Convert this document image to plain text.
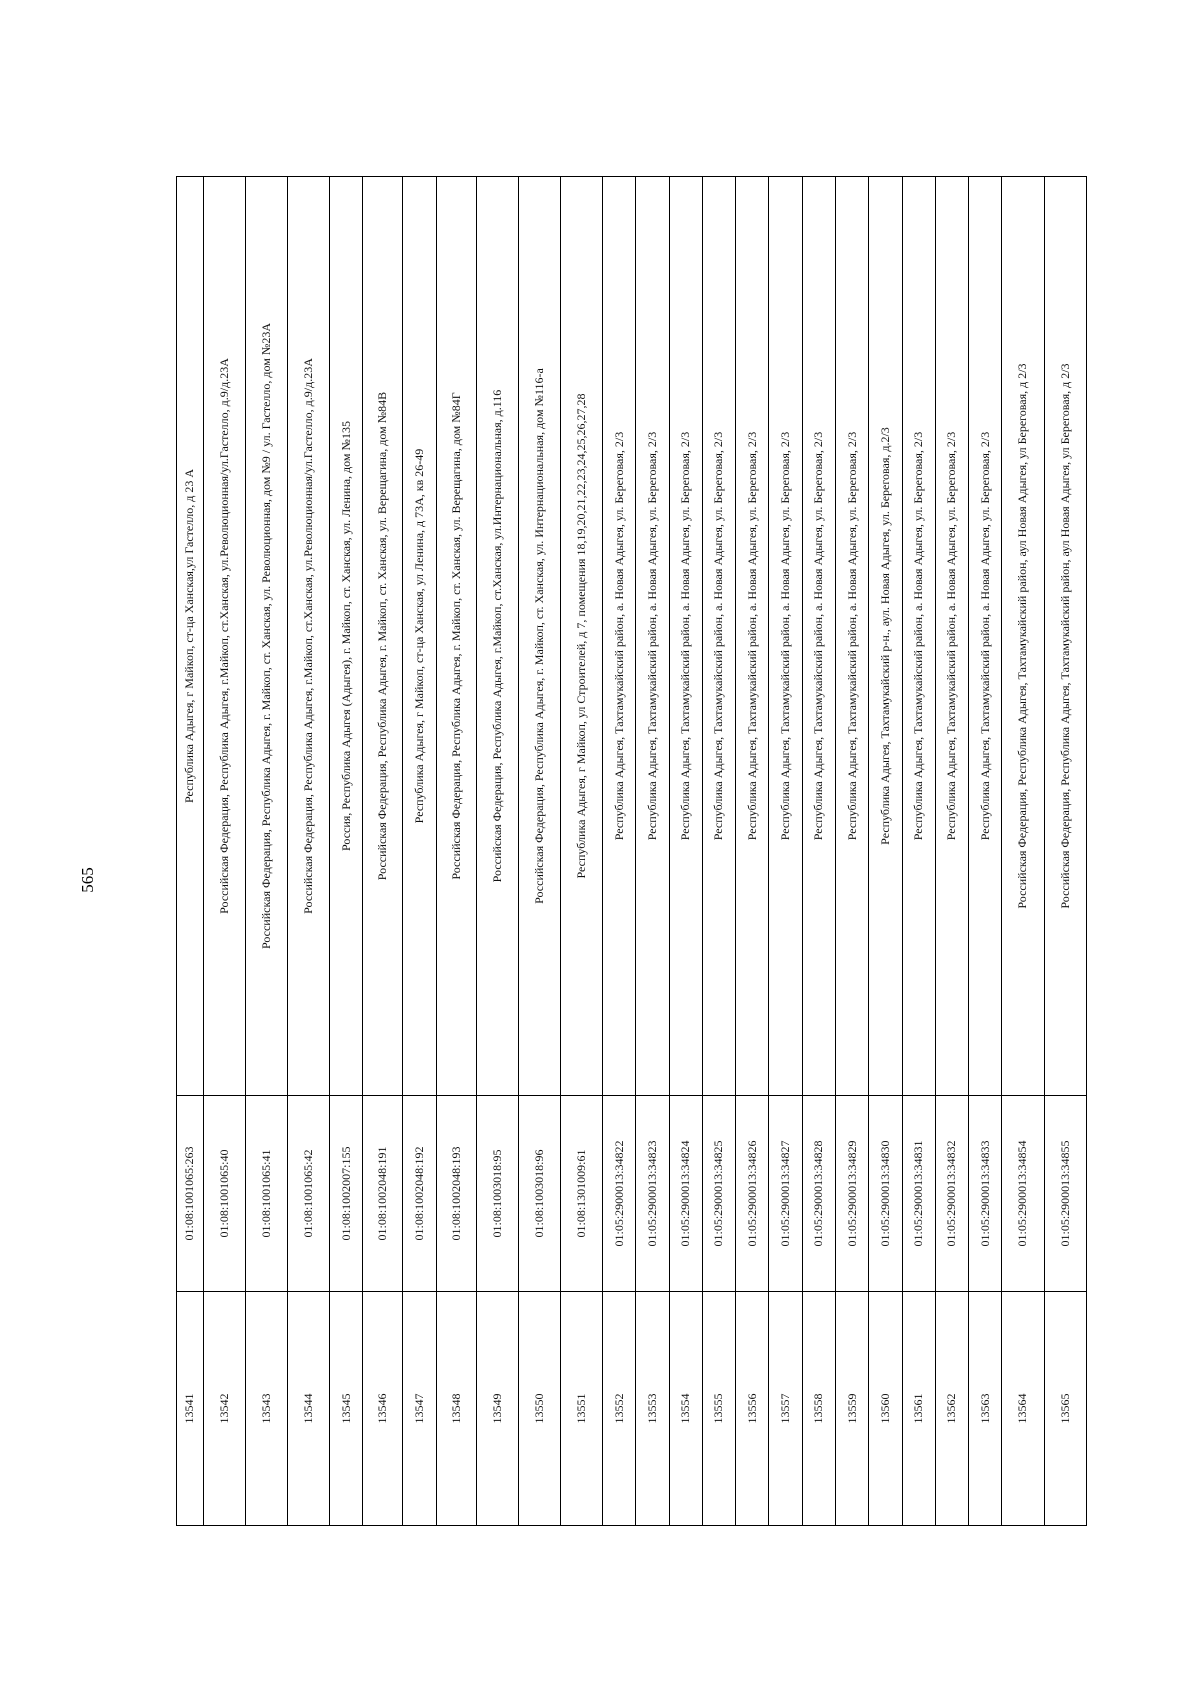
565
13541	01:08:1001065:263	Республика Адыгея, г Майкоп, ст-ца Ханская,ул Гастелло, д 23 А
13542	01:08:1001065:40	Российская Федерация, Республика Адыгея, г.Майкоп, ст.Ханская, ул.Революционная/ул.Гастелло, д.9/д.23А
13543	01:08:1001065:41	Российская Федерация, Республика Адыгея, г. Майкоп, ст. Ханская, ул. Революционная, дом №9 / ул. Гастелло, дом №23А
13544	01:08:1001065:42	Российская Федерация, Республика Адыгея, г.Майкоп, ст.Ханская, ул.Революционная/ул.Гастелло, д.9/д.23А
13545	01:08:1002007:155	Россия, Республика Адыгея (Адыгея), г. Майкоп, ст. Ханская, ул. Ленина, дом №135
13546	01:08:1002048:191	Российская Федерация, Республика Адыгея, г. Майкоп, ст. Ханская, ул. Верещагина, дом №84В
13547	01:08:1002048:192	Республика Адыгея, г Майкоп, ст-ца Ханская, ул Ленина, д 73А, кв 26-49
13548	01:08:1002048:193	Российская Федерация, Республика Адыгея, г. Майкоп, ст. Ханская, ул. Верещагина, дом №84Г
13549	01:08:1003018:95	Российская Федерация, Республика Адыгея, г.Майкоп, ст.Ханская, ул.Интернациональная, д.116
13550	01:08:1003018:96	Российская Федерация, Республика Адыгея, г. Майкоп, ст. Ханская, ул. Интернациональная, дом №116-а
13551	01:08:1301009:61	Республика Адыгея, г Майкоп, ул Строителей, д 7, помещения 18,19,20,21,22,23,24,25,26,27,28
13552	01:05:2900013:34822	Республика Адыгея, Тахтамукайский район, а. Новая Адыгея, ул. Береговая, 2/3
13553	01:05:2900013:34823	Республика Адыгея, Тахтамукайский район, а. Новая Адыгея, ул. Береговая, 2/3
13554	01:05:2900013:34824	Республика Адыгея, Тахтамукайский район, а. Новая Адыгея, ул. Береговая, 2/3
13555	01:05:2900013:34825	Республика Адыгея, Тахтамукайский район, а. Новая Адыгея, ул. Береговая, 2/3
13556	01:05:2900013:34826	Республика Адыгея, Тахтамукайский район, а. Новая Адыгея, ул. Береговая, 2/3
13557	01:05:2900013:34827	Республика Адыгея, Тахтамукайский район, а. Новая Адыгея, ул. Береговая, 2/3
13558	01:05:2900013:34828	Республика Адыгея, Тахтамукайский район, а. Новая Адыгея, ул. Береговая, 2/3
13559	01:05:2900013:34829	Республика Адыгея, Тахтамукайский район, а. Новая Адыгея, ул. Береговая, 2/3
13560	01:05:2900013:34830	Республика Адыгея, Тахтамукайский р-н., аул. Новая Адыгея, ул. Береговая, д.2/3
13561	01:05:2900013:34831	Республика Адыгея, Тахтамукайский район, а. Новая Адыгея, ул. Береговая, 2/3
13562	01:05:2900013:34832	Республика Адыгея, Тахтамукайский район, а. Новая Адыгея, ул. Береговая, 2/3
13563	01:05:2900013:34833	Республика Адыгея, Тахтамукайский район, а. Новая Адыгея, ул. Береговая, 2/3
13564	01:05:2900013:34854	Российская Федерация, Республика Адыгея, Тахтамукайский район, аул Новая Адыгея, ул Береговая, д 2/3
13565	01:05:2900013:34855	Российская Федерация, Республика Адыгея, Тахтамукайский район, аул Новая Адыгея, ул Береговая, д 2/3
